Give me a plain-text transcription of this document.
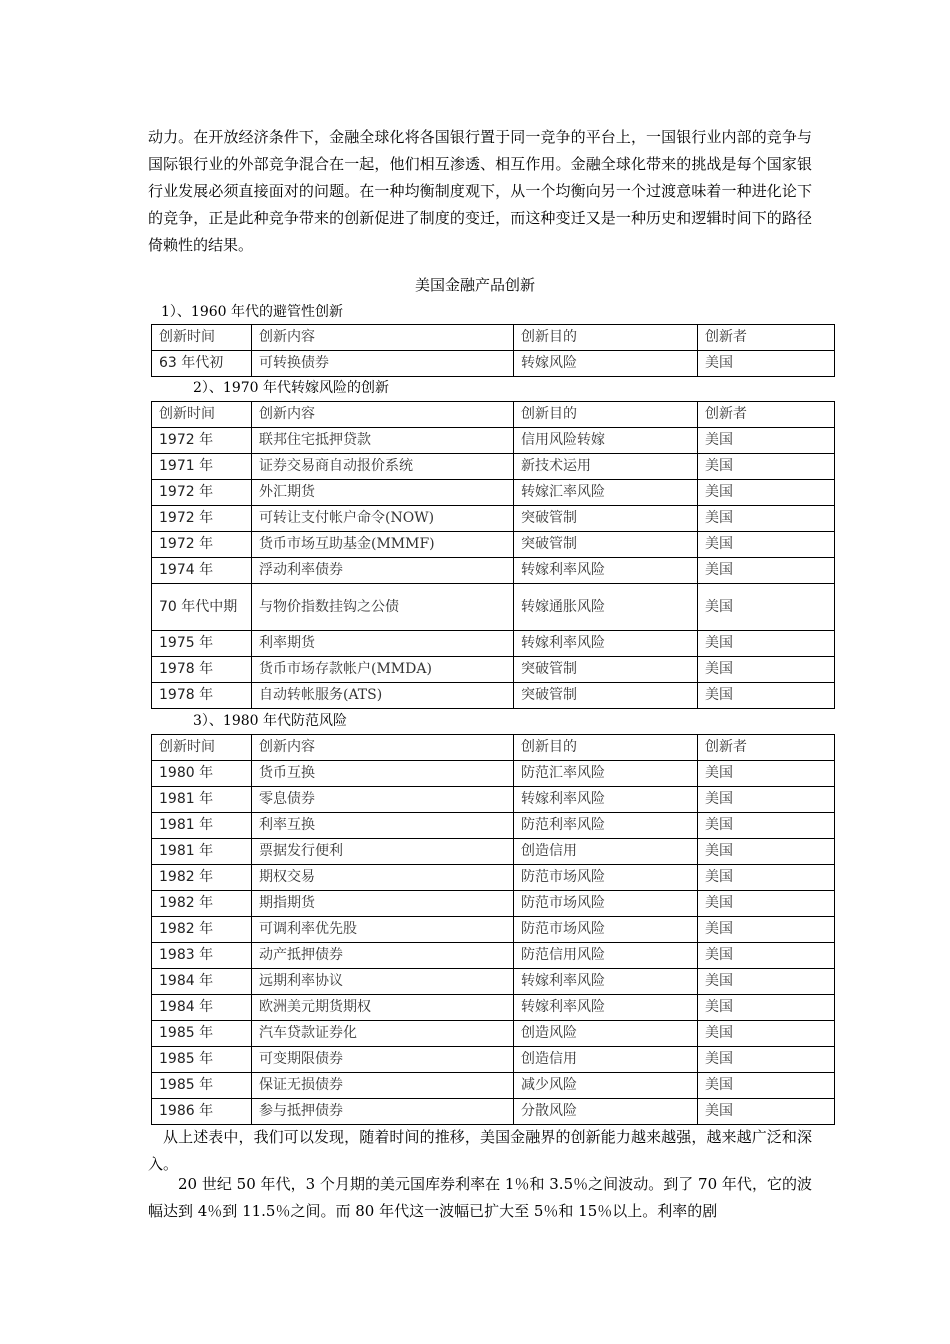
动力。在开放经济条件下，金融全球化将各国银行置于同一竞争的平台上，一国银行业内部的竞争与国际银行业的外部竞争混合在一起，他们相互渗透、相互作用。金融全球化带来的挑战是每个国家银行业发展必须直接面对的问题。在一种均衡制度观下，从一个均衡向另一个过渡意味着一种进化论下的竞争，正是此种竞争带来的创新促进了制度的变迁，而这种变迁又是一种历史和逻辑时间下的路径倚赖性的结果。

美国金融产品创新
1）、1960 年代的避管性创新
创新时间	创新内容	创新目的	创新者
63 年代初	可转换债券	转嫁风险	美国
2）、1970 年代转嫁风险的创新
创新时间	创新内容	创新目的	创新者
1972 年	联邦住宅抵押贷款	信用风险转嫁	美国
1971 年	证券交易商自动报价系统	新技术运用	美国
1972 年	外汇期货	转嫁汇率风险	美国
1972 年	可转让支付帐户命令(NOW)	突破管制	美国
1972 年	货币市场互助基金(MMMF)	突破管制	美国
1974 年	浮动利率债券	转嫁利率风险	美国
70 年代中期	与物价指数挂钩之公债	转嫁通胀风险	美国
1975 年	利率期货	转嫁利率风险	美国
1978 年	货币市场存款帐户(MMDA)	突破管制	美国
1978 年	自动转帐服务(ATS)	突破管制	美国
3）、1980 年代防范风险
创新时间	创新内容	创新目的	创新者
1980 年	货币互换	防范汇率风险	美国
1981 年	零息债券	转嫁利率风险	美国
1981 年	利率互换	防范利率风险	美国
1981 年	票据发行便利	创造信用	美国
1982 年	期权交易	防范市场风险	美国
1982 年	期指期货	防范市场风险	美国
1982 年	可调利率优先股	防范市场风险	美国
1983 年	动产抵押债券	防范信用风险	美国
1984 年	远期利率协议	转嫁利率风险	美国
1984 年	欧洲美元期货期权	转嫁利率风险	美国
1985 年	汽车贷款证券化	创造风险	美国
1985 年	可变期限债券	创造信用	美国
1985 年	保证无损债券	减少风险	美国
1986 年	参与抵押债券	分散风险	美国

从上述表中，我们可以发现，随着时间的推移，美国金融界的创新能力越来越强，越来越广泛和深入。

20 世纪 50 年代，3 个月期的美元国库券利率在 1％和 3.5％之间波动。到了 70 年代，它的波幅达到 4％到 11.5％之间。而 80 年代这一波幅已扩大至 5％和 15％以上。利率的剧
